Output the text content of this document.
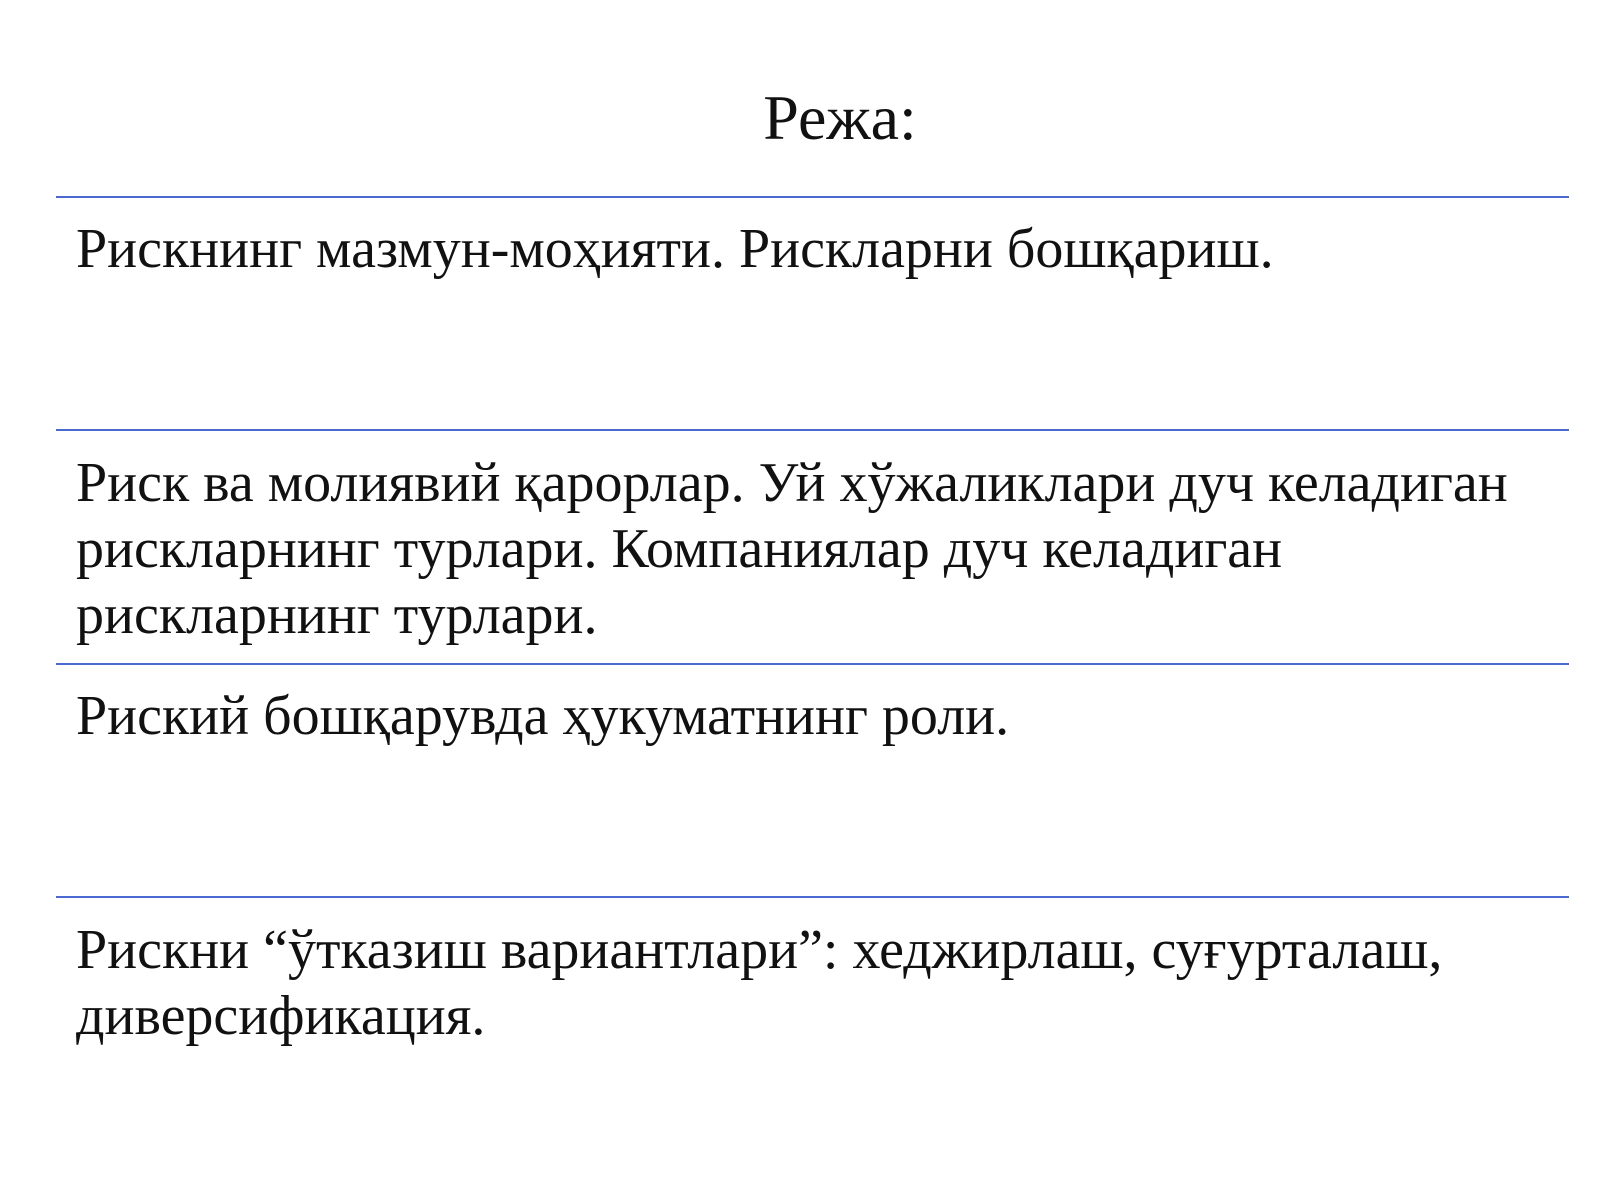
Режа:

Рискнинг мазмун-моҳияти. Рискларни бошқариш.

Риск ва молиявий қарорлар. Уй хўжаликлари дуч келадиган рискларнинг турлари. Компаниялар дуч келадиган рискларнинг турлари.

Риский бошқарувда ҳукуматнинг роли.

Рискни “ўтказиш вариантлари”: хеджирлаш, суғурталаш, диверсификация.
